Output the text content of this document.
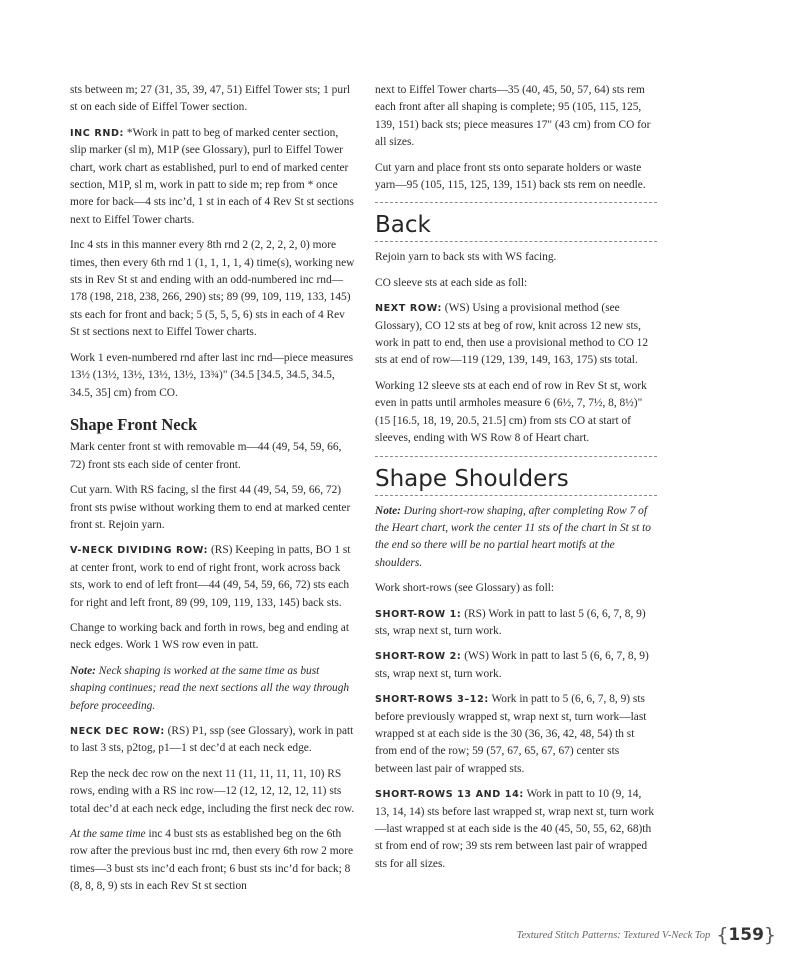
sts between m; 27 (31, 35, 39, 47, 51) Eiffel Tower sts; 1 purl st on each side of Eiffel Tower section.

INC RND: *Work in patt to beg of marked center section, slip marker (sl m), M1P (see Glossary), purl to Eiffel Tower chart, work chart as established, purl to end of marked center section, M1P, sl m, work in patt to side m; rep from * once more for back—4 sts inc’d, 1 st in each of 4 Rev St st sections next to Eiffel Tower charts.

Inc 4 sts in this manner every 8th rnd 2 (2, 2, 2, 2, 0) more times, then every 6th rnd 1 (1, 1, 1, 1, 4) time(s), working new sts in Rev St st and ending with an odd-numbered inc rnd—178 (198, 218, 238, 266, 290) sts; 89 (99, 109, 119, 133, 145) sts each for front and back; 5 (5, 5, 5, 6) sts in each of 4 Rev St st sections next to Eiffel Tower charts.

Work 1 even-numbered rnd after last inc rnd—piece measures 13½ (13½, 13½, 13½, 13½, 13¾)" (34.5 [34.5, 34.5, 34.5, 34.5, 35] cm) from CO.

Shape Front Neck

Mark center front st with removable m—44 (49, 54, 59, 66, 72) front sts each side of center front.

Cut yarn. With RS facing, sl the first 44 (49, 54, 59, 66, 72) front sts pwise without working them to end at marked center front st. Rejoin yarn.

V-NECK DIVIDING ROW: (RS) Keeping in patts, BO 1 st at center front, work to end of right front, work across back sts, work to end of left front—44 (49, 54, 59, 66, 72) sts each for right and left front, 89 (99, 109, 119, 133, 145) back sts.

Change to working back and forth in rows, beg and ending at neck edges. Work 1 WS row even in patt.

Note: Neck shaping is worked at the same time as bust shaping continues; read the next sections all the way through before proceeding.

NECK DEC ROW: (RS) P1, ssp (see Glossary), work in patt to last 3 sts, p2tog, p1—1 st dec’d at each neck edge.

Rep the neck dec row on the next 11 (11, 11, 11, 11, 10) RS rows, ending with a RS inc row—12 (12, 12, 12, 12, 11) sts total dec’d at each neck edge, including the first neck dec row.

At the same time inc 4 bust sts as established beg on the 6th row after the previous bust inc rnd, then every 6th row 2 more times—3 bust sts inc’d each front; 6 bust sts inc’d for back; 8 (8, 8, 8, 9) sts in each Rev St st section

next to Eiffel Tower charts—35 (40, 45, 50, 57, 64) sts rem each front after all shaping is complete; 95 (105, 115, 125, 139, 151) back sts; piece measures 17" (43 cm) from CO for all sizes.

Cut yarn and place front sts onto separate holders or waste yarn—95 (105, 115, 125, 139, 151) back sts rem on needle.

Back

Rejoin yarn to back sts with WS facing.

CO sleeve sts at each side as foll:

NEXT ROW: (WS) Using a provisional method (see Glossary), CO 12 sts at beg of row, knit across 12 new sts, work in patt to end, then use a provisional method to CO 12 sts at end of row—119 (129, 139, 149, 163, 175) sts total.

Working 12 sleeve sts at each end of row in Rev St st, work even in patts until armholes measure 6 (6½, 7, 7½, 8, 8½)" (15 [16.5, 18, 19, 20.5, 21.5] cm) from sts CO at start of sleeves, ending with WS Row 8 of Heart chart.

Shape Shoulders

Note: During short-row shaping, after completing Row 7 of the Heart chart, work the center 11 sts of the chart in St st to the end so there will be no partial heart motifs at the shoulders.

Work short-rows (see Glossary) as foll:

SHORT-ROW 1: (RS) Work in patt to last 5 (6, 6, 7, 8, 9) sts, wrap next st, turn work.

SHORT-ROW 2: (WS) Work in patt to last 5 (6, 6, 7, 8, 9) sts, wrap next st, turn work.

SHORT-ROWS 3–12: Work in patt to 5 (6, 6, 7, 8, 9) sts before previously wrapped st, wrap next st, turn work—last wrapped st at each side is the 30 (36, 36, 42, 48, 54) th st from end of the row; 59 (57, 67, 65, 67, 67) center sts between last pair of wrapped sts.

SHORT-ROWS 13 AND 14: Work in patt to 10 (9, 14, 13, 14, 14) sts before last wrapped st, wrap next st, turn work—last wrapped st at each side is the 40 (45, 50, 55, 62, 68)th st from end of row; 39 sts rem between last pair of wrapped sts for all sizes.

Textured Stitch Patterns: Textured V-Neck Top { 159 }
